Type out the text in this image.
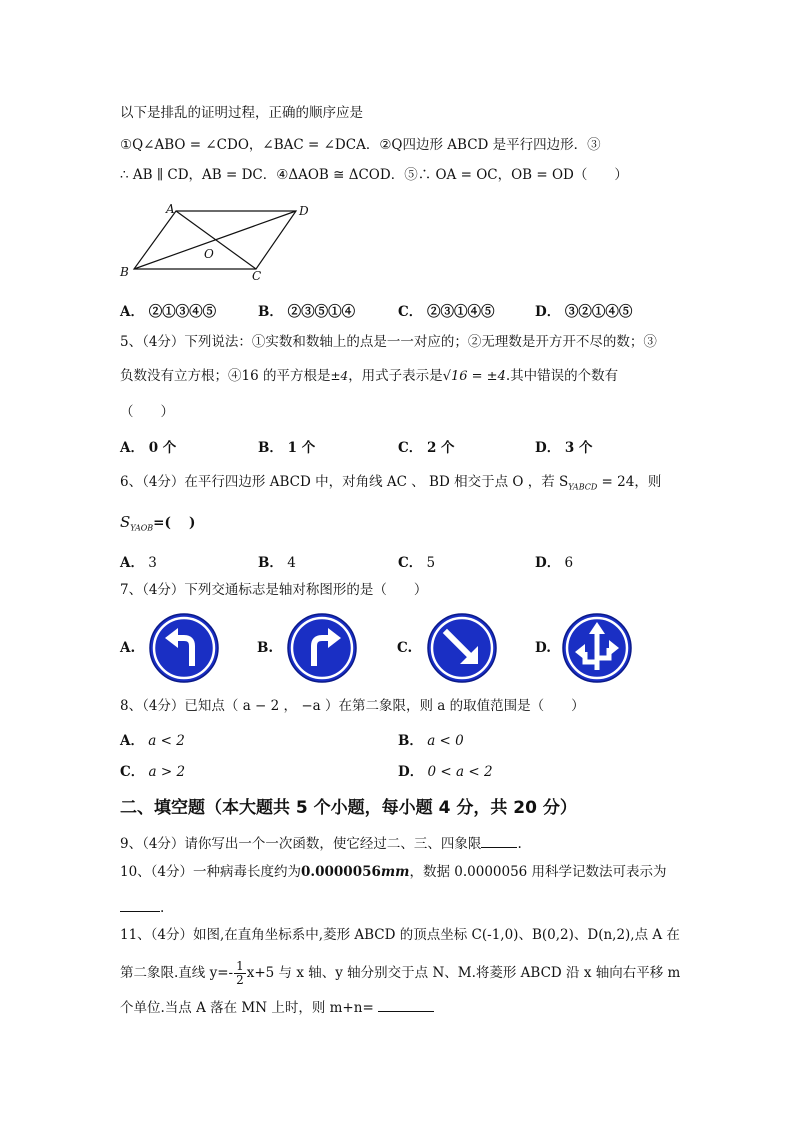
以下是排乱的证明过程，正确的顺序应是
①Q∠ABO = ∠CDO，∠BAC = ∠DCA．②Q四边形 ABCD 是平行四边形．③
∴ AB ∥ CD，AB = DC．④ΔAOB ≅ ΔCOD．⑤∴ OA = OC，OB = OD（　　）
A	D
B	C
O
A． ②①③④⑤	B． ②③⑤①④	C． ②③①④⑤	D． ③②①④⑤
5、（4分）下列说法：①实数和数轴上的点是一一对应的；②无理数是开方开不尽的数；③
负数没有立方根；④16 的平方根是±4，用式子表示是√16 = ±4.其中错误的个数有
（　　）
A． 0 个	B． 1 个	C． 2 个	D． 3 个
6、（4分）在平行四边形 ABCD 中，对角线 AC 、 BD 相交于点 O ，若 $S_{YABCD} = 24$，则
$S_{YAOB}=$(　 )
A． 3	B． 4	C． 5	D． 6
7、（4分）下列交通标志是轴对称图形的是（　　）
A.	B.	C.	D.
8、（4分）已知点（ a − 2 ， −a ）在第二象限，则 a 的取值范围是（　　）
A． a < 2	B． a < 0
C． a > 2	D． 0 < a < 2
二、填空题（本大题共 5 个小题，每小题 4 分，共 20 分）
9、（4分）请你写出一个一次函数，使它经过二、三、四象限	.
10、（4分）一种病毒长度约为0.0000056mm，数据 0.0000056 用科学记数法可表示为
.
11、（4分）如图,在直角坐标系中,菱形 ABCD 的顶点坐标 C(-1,0)、B(0,2)、D(n,2),点 A 在
第二象限.直线 $y=- \frac{1}{2} x+5$ 与 x 轴、y 轴分别交于点 N、M.将菱形 ABCD 沿 x 轴向右平移 m
个单位.当点 A 落在 MN 上时，则 m+n=
